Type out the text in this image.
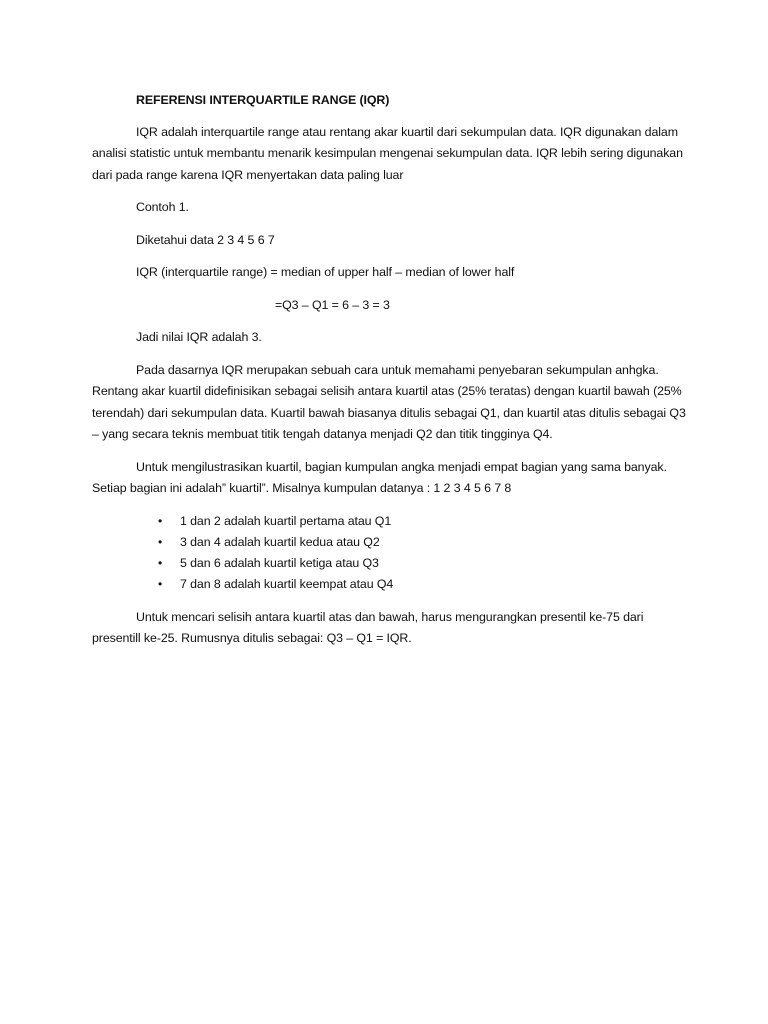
REFERENSI INTERQUARTILE RANGE (IQR)

IQR adalah interquartile range atau rentang akar kuartil dari sekumpulan data. IQR digunakan dalam analisi statistic untuk membantu menarik kesimpulan mengenai sekumpulan data. IQR lebih sering digunakan dari pada range karena IQR menyertakan data paling luar

Contoh 1.

Diketahui data 2 3 4 5 6 7

IQR (interquartile range) = median of upper half – median of lower half

=Q3 – Q1 = 6 – 3 = 3

Jadi nilai IQR adalah 3.

Pada dasarnya IQR merupakan sebuah cara untuk memahami penyebaran sekumpulan anhgka. Rentang akar kuartil didefinisikan sebagai selisih antara kuartil atas (25% teratas) dengan kuartil bawah (25% terendah) dari sekumpulan data. Kuartil bawah biasanya ditulis sebagai Q1, dan kuartil atas ditulis sebagai Q3 – yang secara teknis membuat titik tengah datanya menjadi Q2 dan titik tingginya Q4.

Untuk mengilustrasikan kuartil, bagian kumpulan angka menjadi empat bagian yang sama banyak. Setiap bagian ini adalah” kuartil”. Misalnya kumpulan datanya : 1 2 3 4 5 6 7 8

• 1 dan 2 adalah kuartil pertama atau Q1
• 3 dan 4 adalah kuartil kedua atau Q2
• 5 dan 6 adalah kuartil ketiga atau Q3
• 7 dan 8 adalah kuartil keempat atau Q4

Untuk mencari selisih antara kuartil atas dan bawah, harus mengurangkan presentil ke-75 dari presentill ke-25. Rumusnya ditulis sebagai: Q3 – Q1 = IQR.
